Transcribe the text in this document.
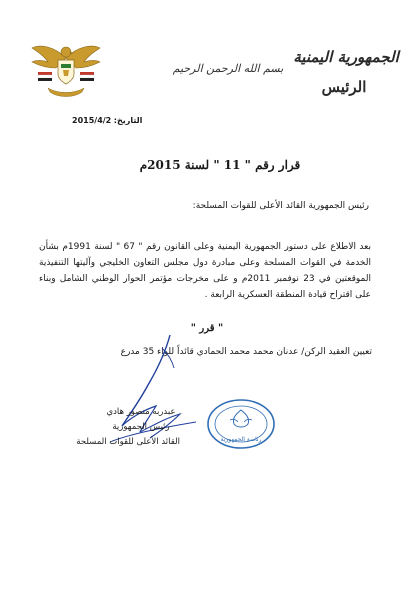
بسم الله الرحمن الرحيم
الجمهورية اليمنية
الرئيس
التاريخ: 2015/4/2
قرار رقم " 11 " لسنة 2015م
رئيس الجمهورية القائد الأعلى للقوات المسلحة:
بعد الاطلاع على دستور الجمهورية اليمنية وعلى القانون رقم " 67 " لسنة 1991م بشأن الخدمة في القوات المسلحة وعلى مبادرة دول مجلس التعاون الخليجي وآليتها التنفيذية الموقعتين في 23 نوفمبر 2011م و على مخرجات مؤتمر الحوار الوطني الشامل وبناء على اقتراح قيادة المنطقة العسكرية الرابعة .
" قرر "
تعيين العقيد الركن/ عدنان محمد محمد الحمادي قائداً للواء 35 مدرع
عبدربه منصور هادي
رئيس الجمهورية
القائد الأعلى للقوات المسلحة	رئاسة الجمهورية
